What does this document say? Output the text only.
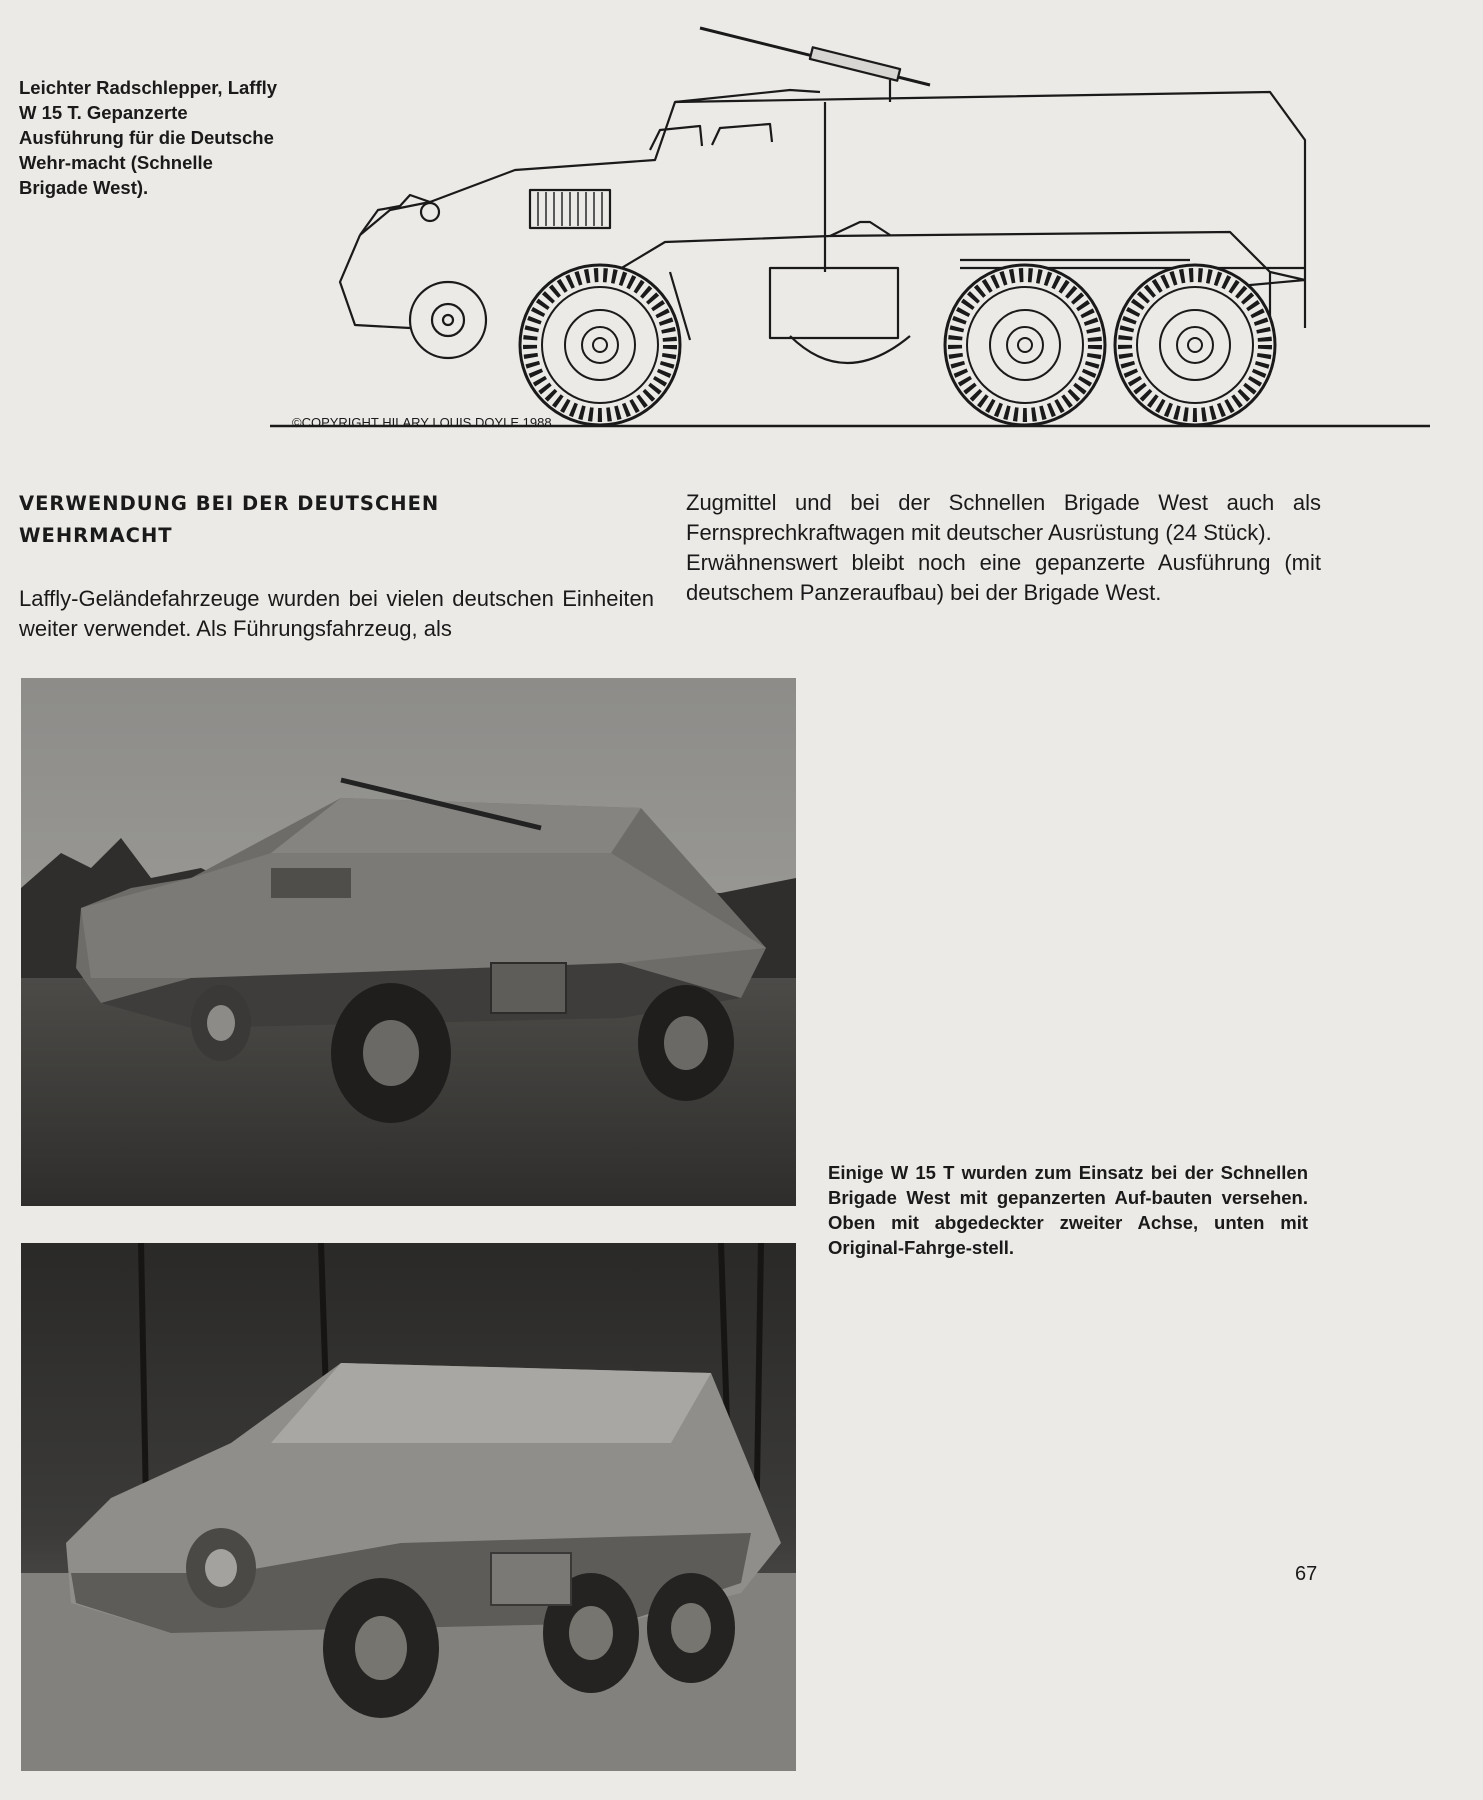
Leichter Radschlepper, Laffly W 15 T. Gepanzerte Ausführung für die Deutsche Wehr-macht (Schnelle Brigade West).
©COPYRIGHT HILARY LOUIS DOYLE 1988
VERWENDUNG BEI DER DEUTSCHEN WEHRMACHT

Laffly-Geländefahrzeuge wurden bei vielen deutschen Einheiten weiter verwendet. Als Führungsfahrzeug, als

Zugmittel und bei der Schnellen Brigade West auch als Fernsprechkraftwagen mit deutscher Ausrüstung (24 Stück).

Erwähnenswert bleibt noch eine gepanzerte Ausführung (mit deutschem Panzeraufbau) bei der Brigade West.

Einige W 15 T wurden zum Einsatz bei der Schnellen Brigade West mit gepanzerten Auf-bauten versehen. Oben mit abgedeckter zweiter Achse, unten mit Original-Fahrge-stell.
67
